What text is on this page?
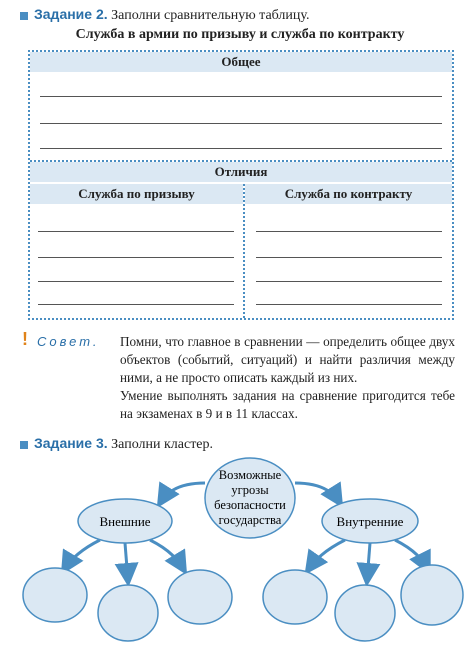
Задание 2. Заполни сравнительную таблицу.
Служба в армии по призыву и служба по контракту
Общее
Отличия
Служба по призыву	Служба по контракту
! Совет. Помни, что главное в сравнении — определить общее двух объектов (событий, ситуаций) и найти различия между ними, а не просто описать каждый из них.

Умение выполнять задания на сравнение пригодится тебе на экзаменах в 9 и в 11 классах.

Задание 3. Заполни кластер.
Возможные
угрозы
безопасности
государства
Внешние	Внутренние
